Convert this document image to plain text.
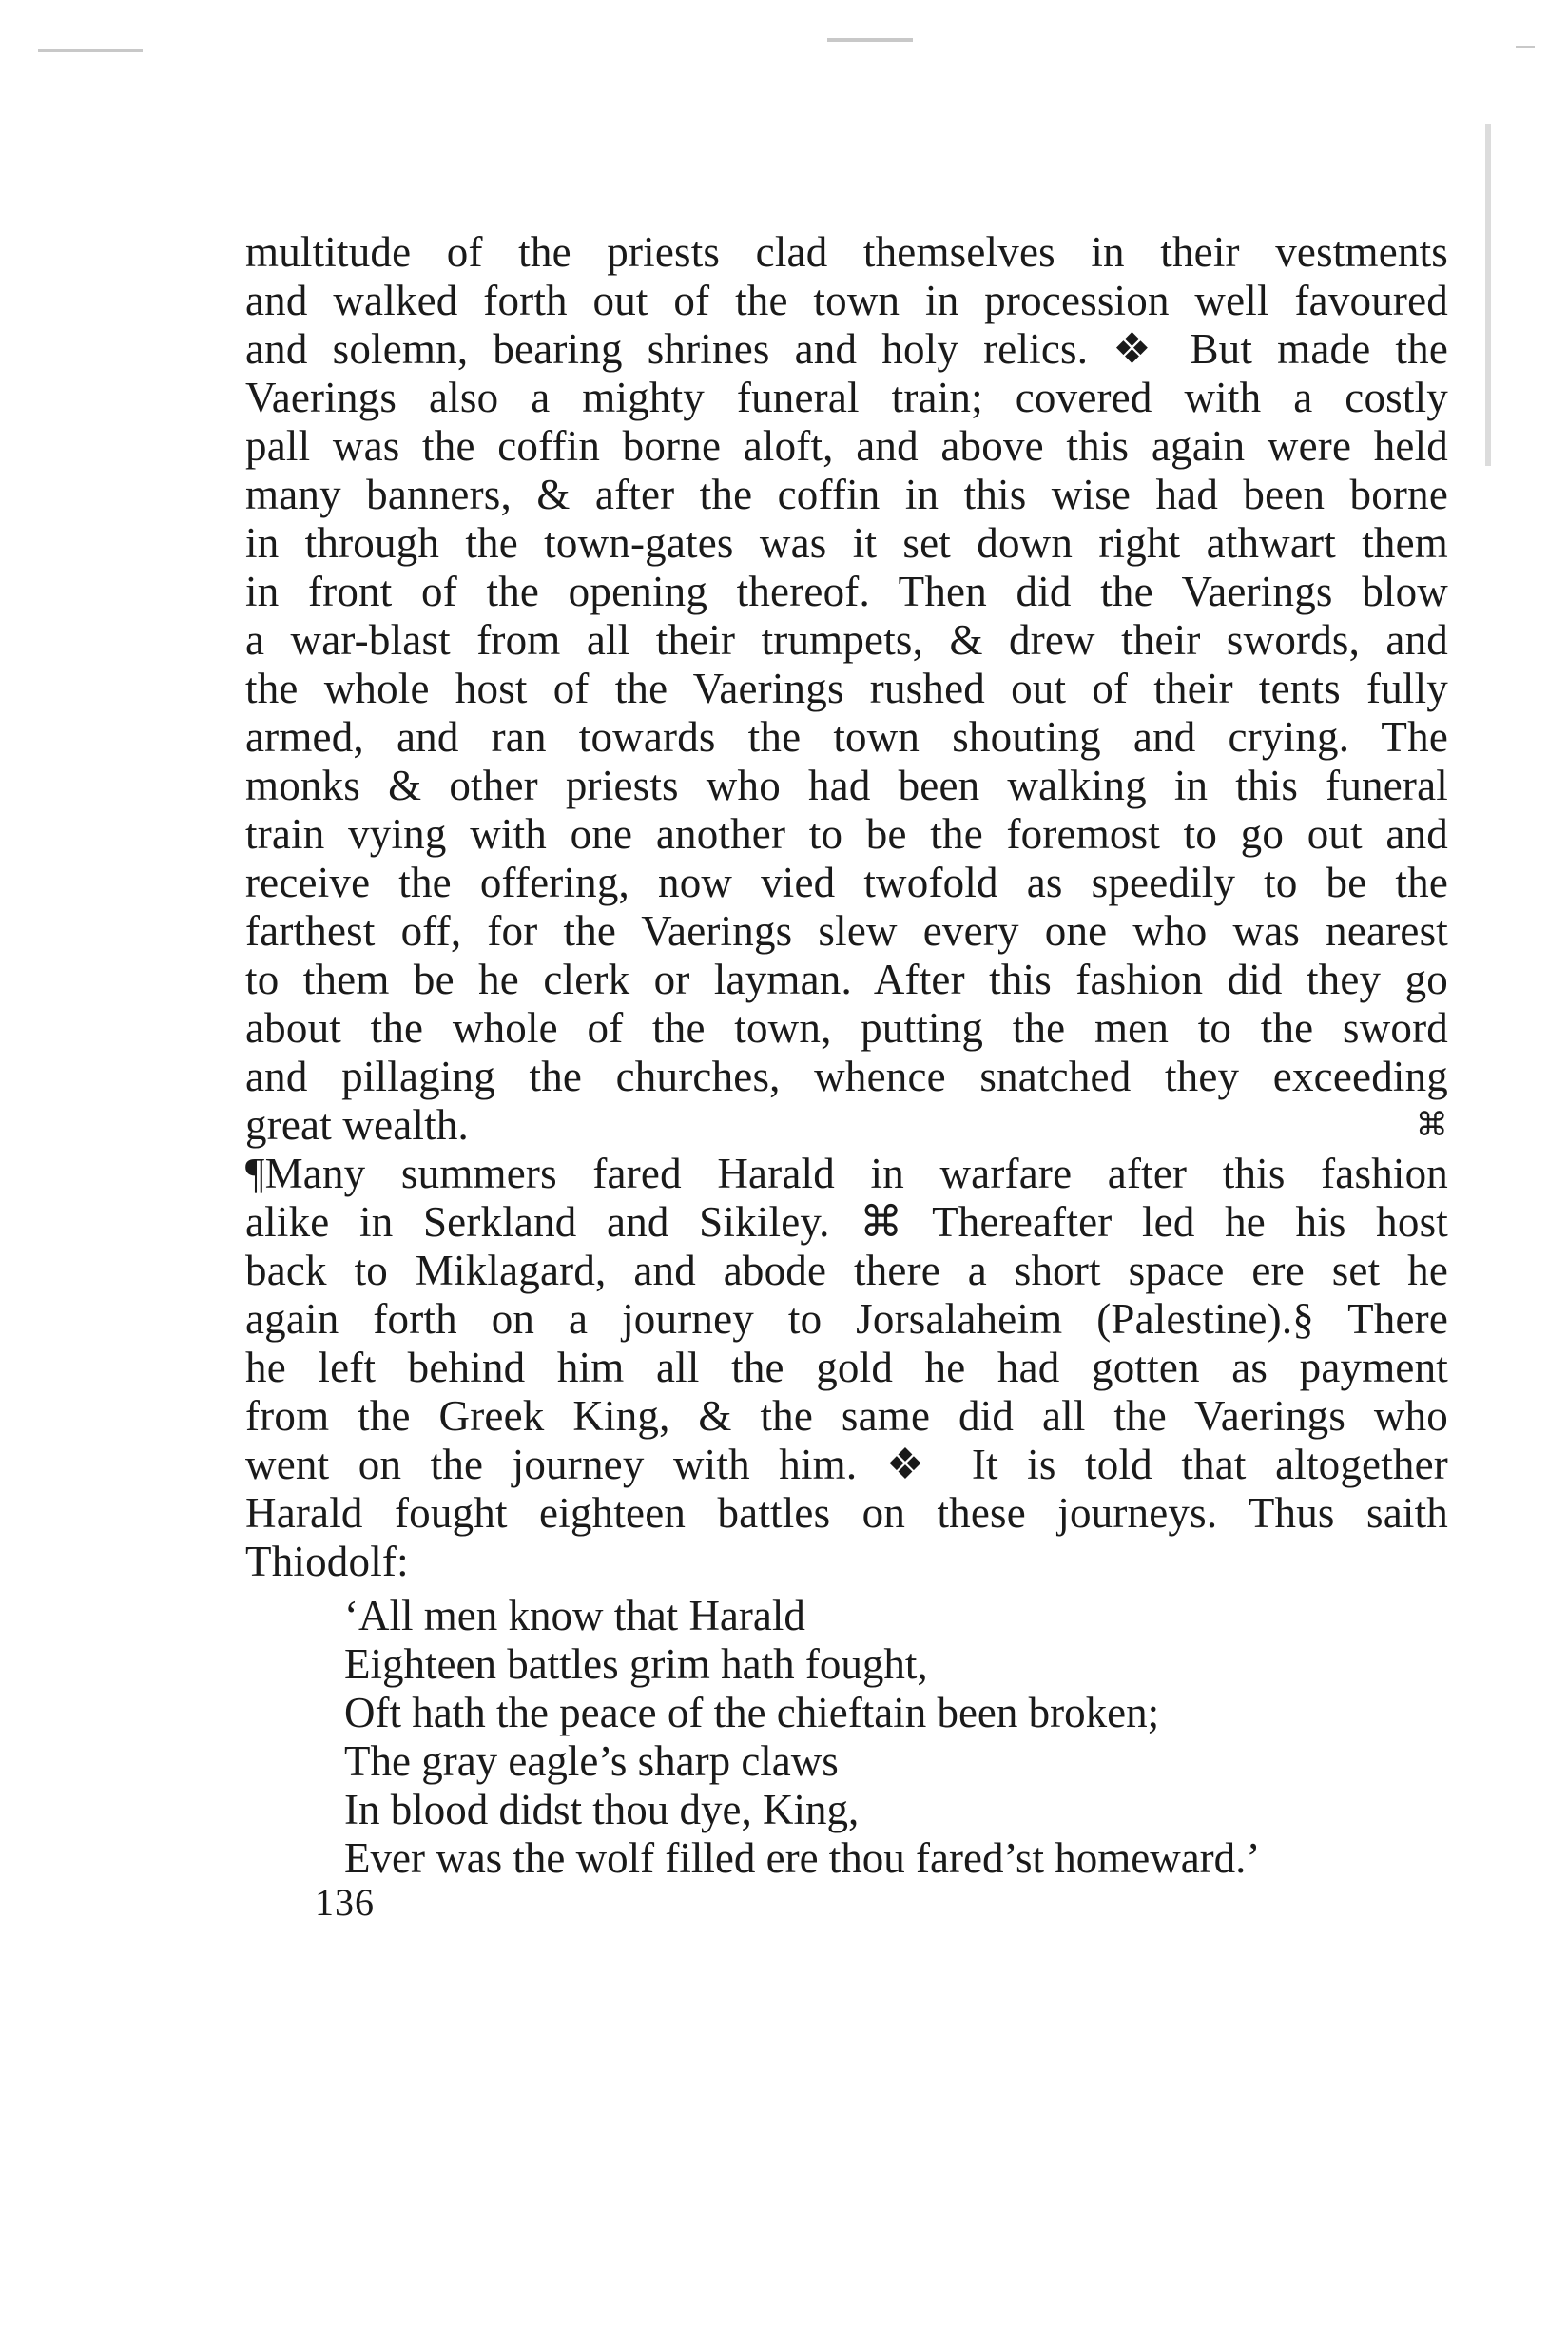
multitude of the priests clad themselves in their vestments
and walked forth out of the town in procession well favoured
and solemn, bearing shrines and holy relics. ❖ But made the
Vaerings also a mighty funeral train; covered with a costly
pall was the coffin borne aloft, and above this again were held
many banners, & after the coffin in this wise had been borne
in through the town-gates was it set down right athwart them
in front of the opening thereof. Then did the Vaerings blow
a war-blast from all their trumpets, & drew their swords, and
the whole host of the Vaerings rushed out of their tents fully
armed, and ran towards the town shouting and crying. The
monks & other priests who had been walking in this funeral
train vying with one another to be the foremost to go out and
receive the offering, now vied twofold as speedily to be the
farthest off, for the Vaerings slew every one who was nearest
to them be he clerk or layman. After this fashion did they go
about the whole of the town, putting the men to the sword
and pillaging the churches, whence snatched they exceeding
great wealth.	⌘
¶Many summers fared Harald in warfare after this fashion
alike in Serkland and Sikiley. ⌘ Thereafter led he his host
back to Miklagard, and abode there a short space ere set he
again forth on a journey to Jorsalaheim (Palestine).§ There
he left behind him all the gold he had gotten as payment
from the Greek King, & the same did all the Vaerings who
went on the journey with him. ❖ It is told that altogether
Harald fought eighteen battles on these journeys. Thus saith
Thiodolf:
‘All men know that Harald
Eighteen battles grim hath fought,
Oft hath the peace of the chieftain been broken;
The gray eagle’s sharp claws
In blood didst thou dye, King,
Ever was the wolf filled ere thou fared’st homeward.’
136
